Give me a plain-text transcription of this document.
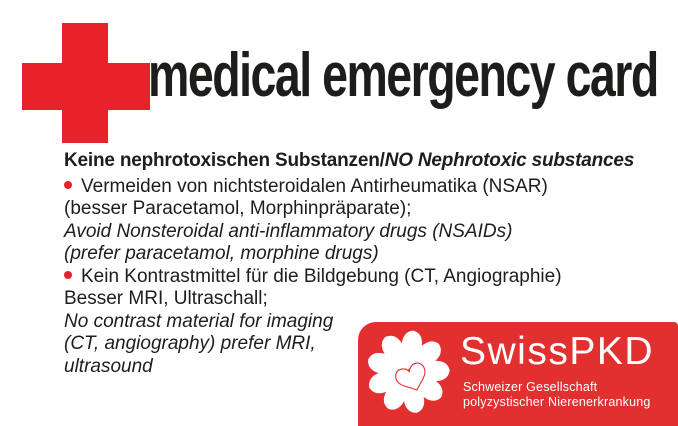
medical emergency card
Keine nephrotoxischen Substanzen/NO Nephrotoxic substances
Vermeiden von nichtsteroidalen Antirheumatika (NSAR)
(besser Paracetamol, Morphinpräparate);
Avoid Nonsteroidal anti-inflammatory drugs (NSAIDs)
(prefer paracetamol, morphine drugs)
Kein Kontrastmittel für die Bildgebung (CT, Angiographie)
Besser MRI, Ultraschall;
No contrast material for imaging
(CT, angiography) prefer MRI,
ultrasound	SwissPKD
Schweizer Gesellschaft
polyzystischer Nierenerkrankung
